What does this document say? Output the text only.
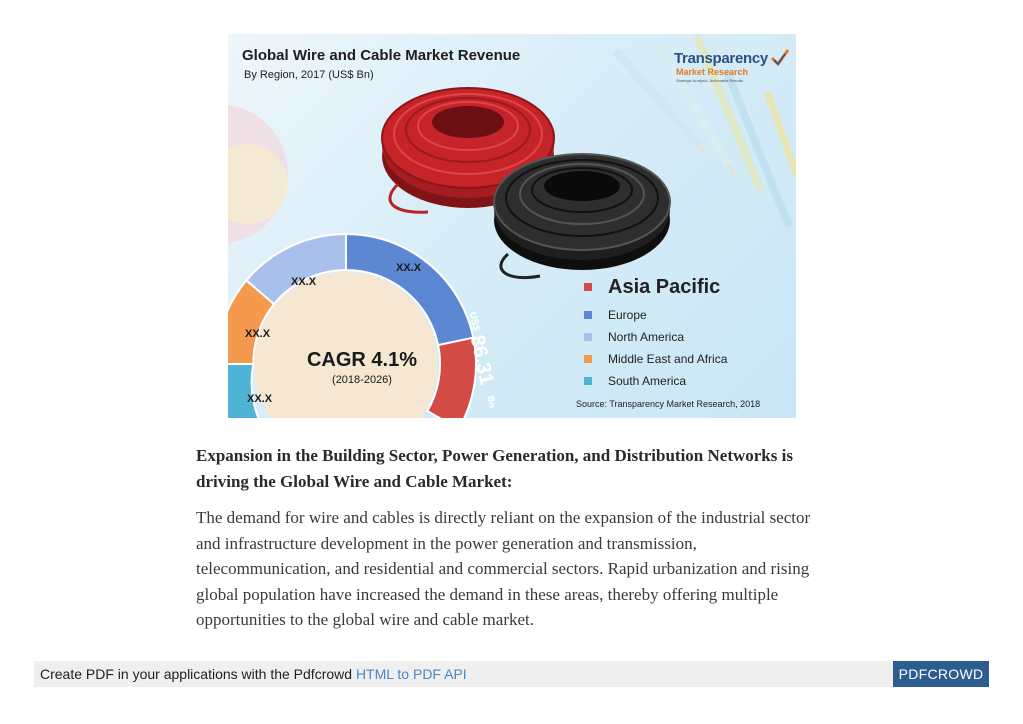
XX.X
XX.X
XX.X
XX.X
US$
86.31
Bn
CAGR 4.1%
(2018-2026)
Global Wire and Cable Market Revenue
By Region, 2017 (US$ Bn)
Transparency
Market Research
Strategic Analysis. Actionable Results.
Asia Pacific
Europe
North America
Middle East and Africa
South America
Source: Transparency Market Research, 2018

Expansion in the Building Sector, Power Generation, and Distribution Networks is driving the Global Wire and Cable Market:

The demand for wire and cables is directly reliant on the expansion of the industrial sector and infrastructure development in the power generation and transmission, telecommunication, and residential and commercial sectors. Rapid urbanization and rising global population have increased the demand in these areas, thereby offering multiple opportunities to the global wire and cable market.

Create PDF in your applications with the Pdfcrowd HTML to PDF API	PDFCROWD
